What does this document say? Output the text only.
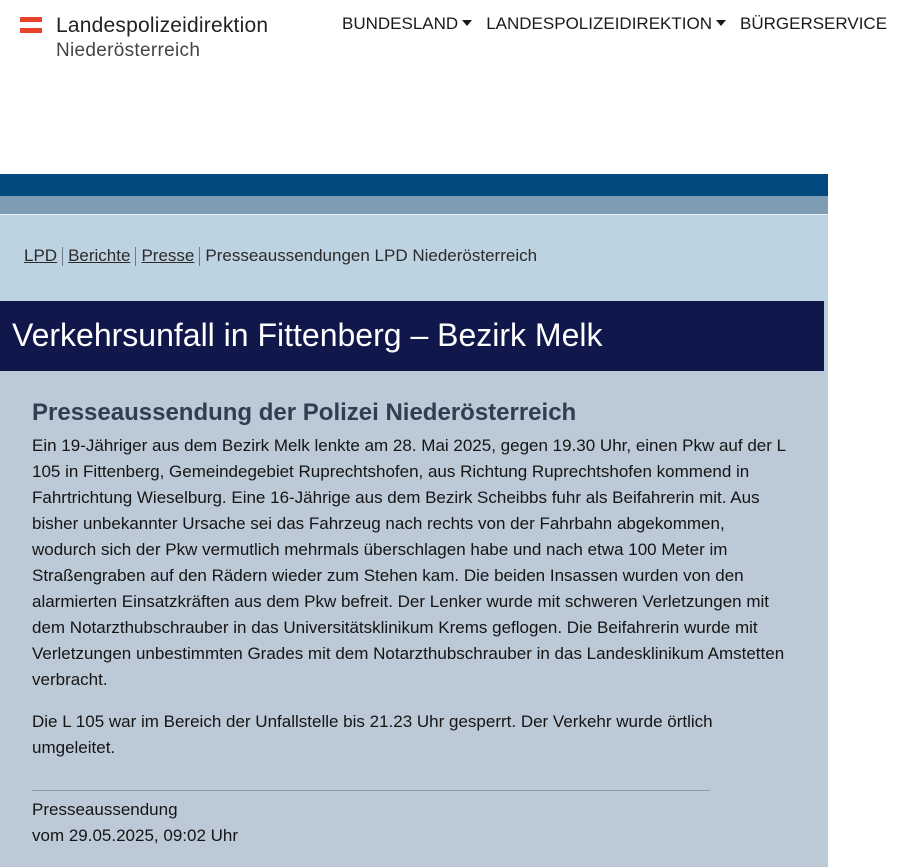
Landespolizeidirektion
Niederösterreich
BUNDESLAND LANDESPOLIZEIDIREKTION BÜRGERSERVICE
LPD Berichte Presse Presseaussendungen LPD Niederösterreich
Verkehrsunfall in Fittenberg – Bezirk Melk
Presseaussendung der Polizei Niederösterreich

Ein 19-Jähriger aus dem Bezirk Melk lenkte am 28. Mai 2025, gegen 19.30 Uhr, einen Pkw auf der L 105 in Fittenberg, Gemeindegebiet Ruprechtshofen, aus Richtung Ruprechtshofen kommend in Fahrtrichtung Wieselburg. Eine 16-Jährige aus dem Bezirk Scheibbs fuhr als Beifahrerin mit. Aus bisher unbekannter Ursache sei das Fahrzeug nach rechts von der Fahrbahn abgekommen, wodurch sich der Pkw vermutlich mehrmals überschlagen habe und nach etwa 100 Meter im Straßengraben auf den Rädern wieder zum Stehen kam. Die beiden Insassen wurden von den alarmierten Einsatzkräften aus dem Pkw befreit. Der Lenker wurde mit schweren Verletzungen mit dem Notarzthubschrauber in das Universitätsklinikum Krems geflogen. Die Beifahrerin wurde mit Verletzungen unbestimmten Grades mit dem Notarzthubschrauber in das Landesklinikum Amstetten verbracht.

Die L 105 war im Bereich der Unfallstelle bis 21.23 Uhr gesperrt. Der Verkehr wurde örtlich umgeleitet.

Presseaussendung
vom 29.05.2025, 09:02 Uhr
